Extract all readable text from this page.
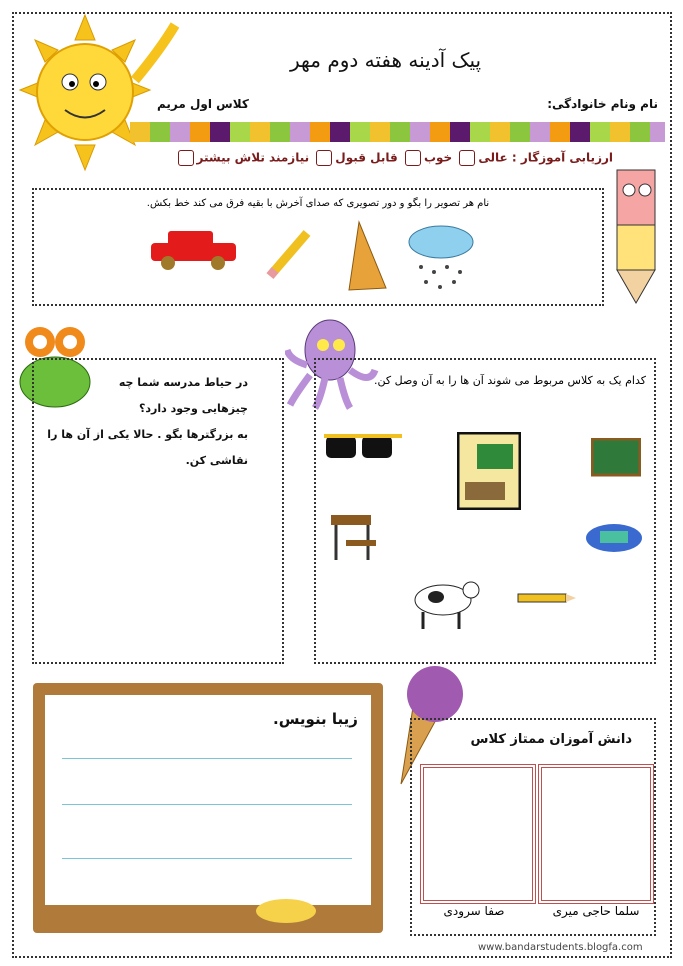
پیک آدینه هفته دوم مهر
نام ونام خانوادگی:
کلاس اول مریم
ارزیابی آموزگار : عالی خوب قابل قبول نیازمند تلاش بیشتر
نام هر تصویر را بگو و دور تصویری که صدای آخرش با بقیه فرق می کند خط بکش.
در حیاط مدرسه شما چه
چیزهایی وجود دارد؟
به بزرگترها بگو . حالا یکی از آن ها را نقاشی کن.
کدام یک به کلاس مربوط می شوند آن ها را به آن وصل کن.
زیبا بنویس.
دانش آموزان ممتاز کلاس
سلما حاجی میری
صفا سرودی
www.bandarstudents.blogfa.com
